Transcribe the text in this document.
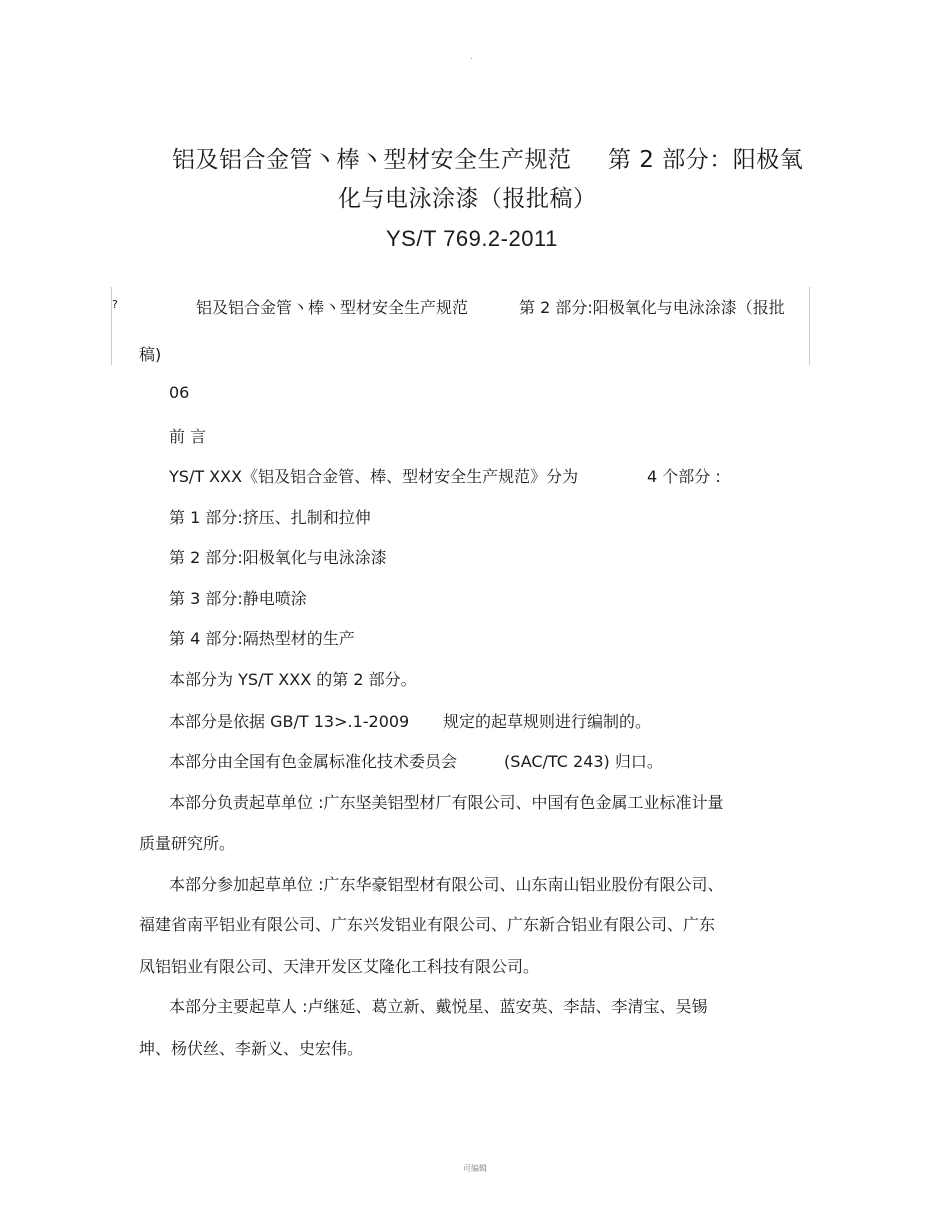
.
铝及铝合金管丶棒丶型材安全生产规范 第 2 部分：阳极氧
化与电泳涂漆（报批稿）
YS/T 769.2-2011
?	铝及铝合金管丶棒丶型材安全生产规范	第 2 部分:阳极氧化与电泳涂漆（报批
稿)
06
前 言
YS/T XXX《铝及铝合金管、棒、型材安全生产规范》分为	4 个部分 :
第 1 部分:挤压、扎制和拉伸
第 2 部分:阳极氧化与电泳涂漆
第 3 部分:静电喷涂
第 4 部分:隔热型材的生产
本部分为 YS/T XXX 的第 2 部分。
本部分是依据 GB/T 13>.1-2009 规定的起草规则进行编制的。
本部分由全国有色金属标准化技术委员会	(SAC/TC 243) 归口。
本部分负责起草单位 :广东坚美铝型材厂有限公司、中国有色金属工业标准计量
质量研究所。
本部分参加起草单位 :广东华豪铝型材有限公司、山东南山铝业股份有限公司、
福建省南平铝业有限公司、广东兴发铝业有限公司、广东新合铝业有限公司、广东
凤铝铝业有限公司、天津开发区艾隆化工科技有限公司。
本部分主要起草人 :卢继延、葛立新、戴悦星、蓝安英、李喆、李清宝、吴锡
坤、杨伏丝、李新义、史宏伟。
可编辑
